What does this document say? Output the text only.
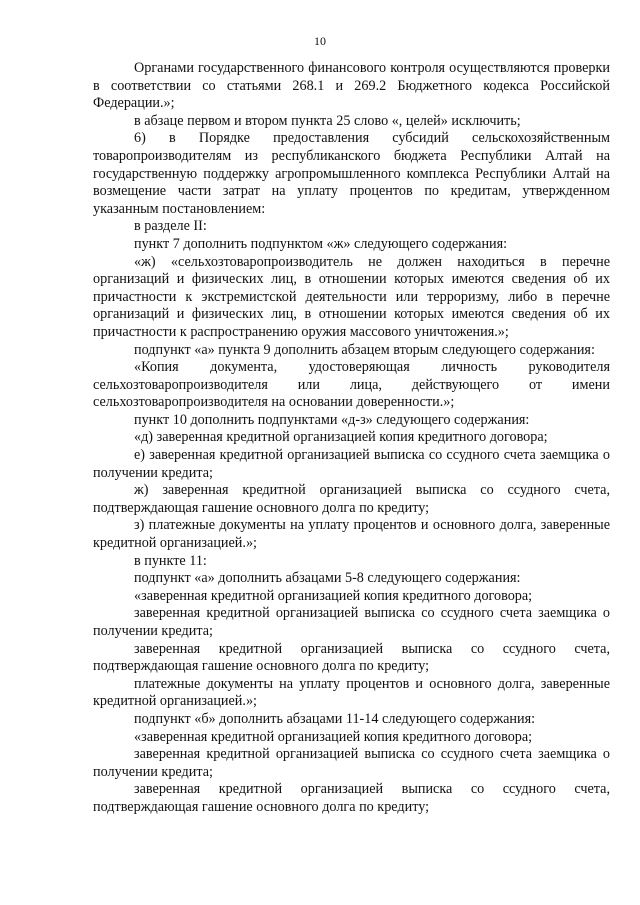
10

Органами государственного финансового контроля осуществляются проверки в соответствии со статьями 268.1 и 269.2 Бюджетного кодекса Российской Федерации.»;

в абзаце первом и втором пункта 25 слово «, целей» исключить;

6) в Порядке предоставления субсидий сельскохозяйственным товаропроизводителям из республиканского бюджета Республики Алтай на государственную поддержку агропромышленного комплекса Республики Алтай на возмещение части затрат на уплату процентов по кредитам, утвержденном указанным постановлением:

в разделе II:

пункт 7 дополнить подпунктом «ж» следующего содержания:

«ж) «сельхозтоваропроизводитель не должен находиться в перечне организаций и физических лиц, в отношении которых имеются сведения об их причастности к экстремистской деятельности или терроризму, либо в перечне организаций и физических лиц, в отношении которых имеются сведения об их причастности к распространению оружия массового уничтожения.»;

подпункт «а» пункта 9 дополнить абзацем вторым следующего содержания:

«Копия документа, удостоверяющая личность руководителя сельхозтоваропроизводителя или лица, действующего от имени сельхозтоваропроизводителя на основании доверенности.»;

пункт 10 дополнить подпунктами «д-з» следующего содержания:

«д) заверенная кредитной организацией копия кредитного договора;

е) заверенная кредитной организацией выписка со ссудного счета заемщика о получении кредита;

ж) заверенная кредитной организацией выписка со ссудного счета, подтверждающая гашение основного долга по кредиту;

з) платежные документы на уплату процентов и основного долга, заверенные кредитной организацией.»;

в пункте 11:

подпункт «а» дополнить абзацами 5-8 следующего содержания:

«заверенная кредитной организацией копия кредитного договора;

заверенная кредитной организацией выписка со ссудного счета заемщика о получении кредита;

заверенная кредитной организацией выписка со ссудного счета, подтверждающая гашение основного долга по кредиту;

платежные документы на уплату процентов и основного долга, заверенные кредитной организацией.»;

подпункт «б» дополнить абзацами 11-14 следующего содержания:

«заверенная кредитной организацией копия кредитного договора;

заверенная кредитной организацией выписка со ссудного счета заемщика о получении кредита;

заверенная кредитной организацией выписка со ссудного счета, подтверждающая гашение основного долга по кредиту;
